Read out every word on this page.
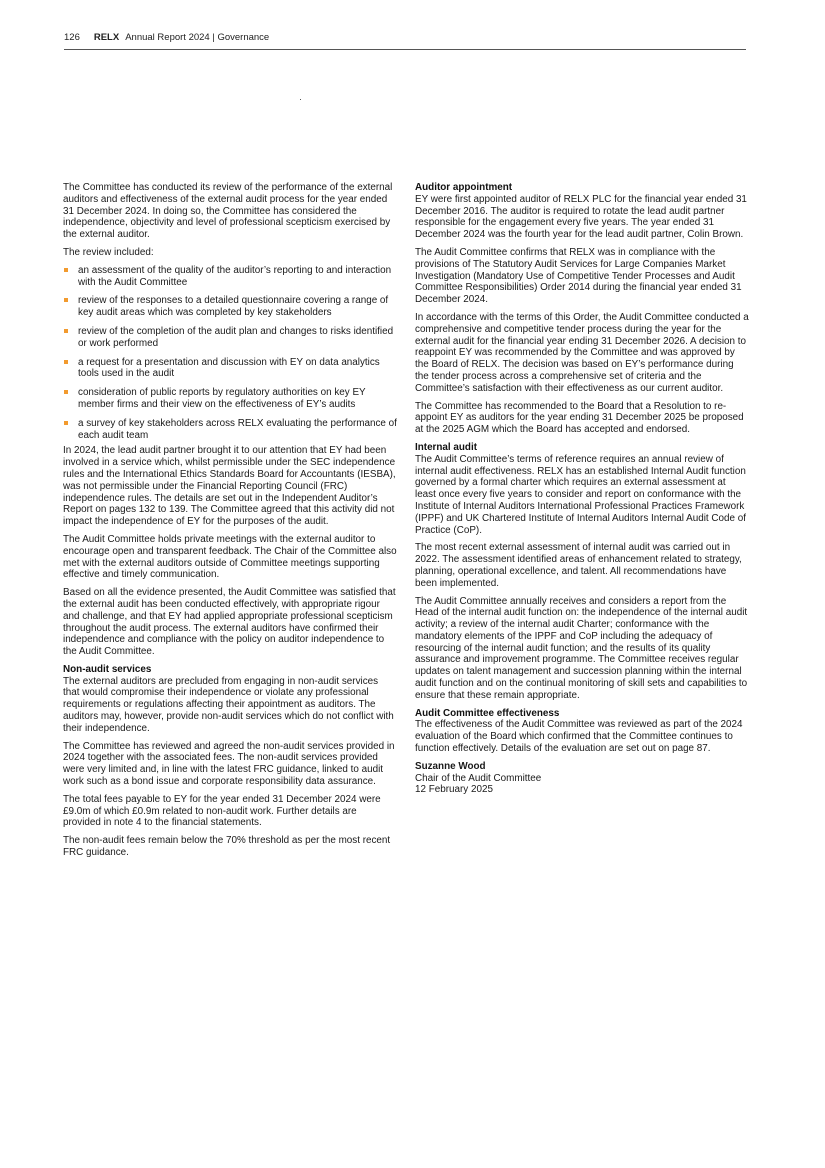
126 RELX Annual Report 2024 | Governance

The Committee has conducted its review of the performance of the external auditors and effectiveness of the external audit process for the year ended 31 December 2024. In doing so, the Committee has considered the independence, objectivity and level of professional scepticism exercised by the external auditor.

The review included:

an assessment of the quality of the auditor’s reporting to and interaction with the Audit Committee
review of the responses to a detailed questionnaire covering a range of key audit areas which was completed by key stakeholders
review of the completion of the audit plan and changes to risks identified or work performed
a request for a presentation and discussion with EY on data analytics tools used in the audit
consideration of public reports by regulatory authorities on key EY member firms and their view on the effectiveness of EY’s audits
a survey of key stakeholders across RELX evaluating the performance of each audit team

In 2024, the lead audit partner brought it to our attention that EY had been involved in a service which, whilst permissible under the SEC independence rules and the International Ethics Standards Board for Accountants (IESBA), was not permissible under the Financial Reporting Council (FRC) independence rules. The details are set out in the Independent Auditor’s Report on pages 132 to 139. The Committee agreed that this activity did not impact the independence of EY for the purposes of the audit.

The Audit Committee holds private meetings with the external auditor to encourage open and transparent feedback. The Chair of the Committee also met with the external auditors outside of Committee meetings supporting effective and timely communication.

Based on all the evidence presented, the Audit Committee was satisfied that the external audit has been conducted effectively, with appropriate rigour and challenge, and that EY had applied appropriate professional scepticism throughout the audit process. The external auditors have confirmed their independence and compliance with the policy on auditor independence to the Audit Committee.

Non-audit services

The external auditors are precluded from engaging in non-audit services that would compromise their independence or violate any professional requirements or regulations affecting their appointment as auditors. The auditors may, however, provide non-audit services which do not conflict with their independence.

The Committee has reviewed and agreed the non-audit services provided in 2024 together with the associated fees. The non-audit services provided were very limited and, in line with the latest FRC guidance, linked to audit work such as a bond issue and corporate responsibility data assurance.

The total fees payable to EY for the year ended 31 December 2024 were £9.0m of which £0.9m related to non-audit work. Further details are provided in note 4 to the financial statements.

The non-audit fees remain below the 70% threshold as per the most recent FRC guidance.

Auditor appointment

EY were first appointed auditor of RELX PLC for the financial year ended 31 December 2016. The auditor is required to rotate the lead audit partner responsible for the engagement every five years. The year ended 31 December 2024 was the fourth year for the lead audit partner, Colin Brown.

The Audit Committee confirms that RELX was in compliance with the provisions of The Statutory Audit Services for Large Companies Market Investigation (Mandatory Use of Competitive Tender Processes and Audit Committee Responsibilities) Order 2014 during the financial year ended 31 December 2024.

In accordance with the terms of this Order, the Audit Committee conducted a comprehensive and competitive tender process during the year for the external audit for the financial year ending 31 December 2026. A decision to reappoint EY was recommended by the Committee and was approved by the Board of RELX. The decision was based on EY’s performance during the tender process across a comprehensive set of criteria and the Committee’s satisfaction with their effectiveness as our current auditor.

The Committee has recommended to the Board that a Resolution to re-appoint EY as auditors for the year ending 31 December 2025 be proposed at the 2025 AGM which the Board has accepted and endorsed.

Internal audit

The Audit Committee’s terms of reference requires an annual review of internal audit effectiveness. RELX has an established Internal Audit function governed by a formal charter which requires an external assessment at least once every five years to consider and report on conformance with the Institute of Internal Auditors International Professional Practices Framework (IPPF) and UK Chartered Institute of Internal Auditors Internal Audit Code of Practice (CoP).

The most recent external assessment of internal audit was carried out in 2022. The assessment identified areas of enhancement related to strategy, planning, operational excellence, and talent. All recommendations have been implemented.

The Audit Committee annually receives and considers a report from the Head of the internal audit function on: the independence of the internal audit activity; a review of the internal audit Charter; conformance with the mandatory elements of the IPPF and CoP including the adequacy of resourcing of the internal audit function; and the results of its quality assurance and improvement programme. The Committee receives regular updates on talent management and succession planning within the internal audit function and on the continual monitoring of skill sets and capabilities to ensure that these remain appropriate.

Audit Committee effectiveness

The effectiveness of the Audit Committee was reviewed as part of the 2024 evaluation of the Board which confirmed that the Committee continues to function effectively. Details of the evaluation are set out on page 87.

Suzanne Wood
Chair of the Audit Committee
12 February 2025
